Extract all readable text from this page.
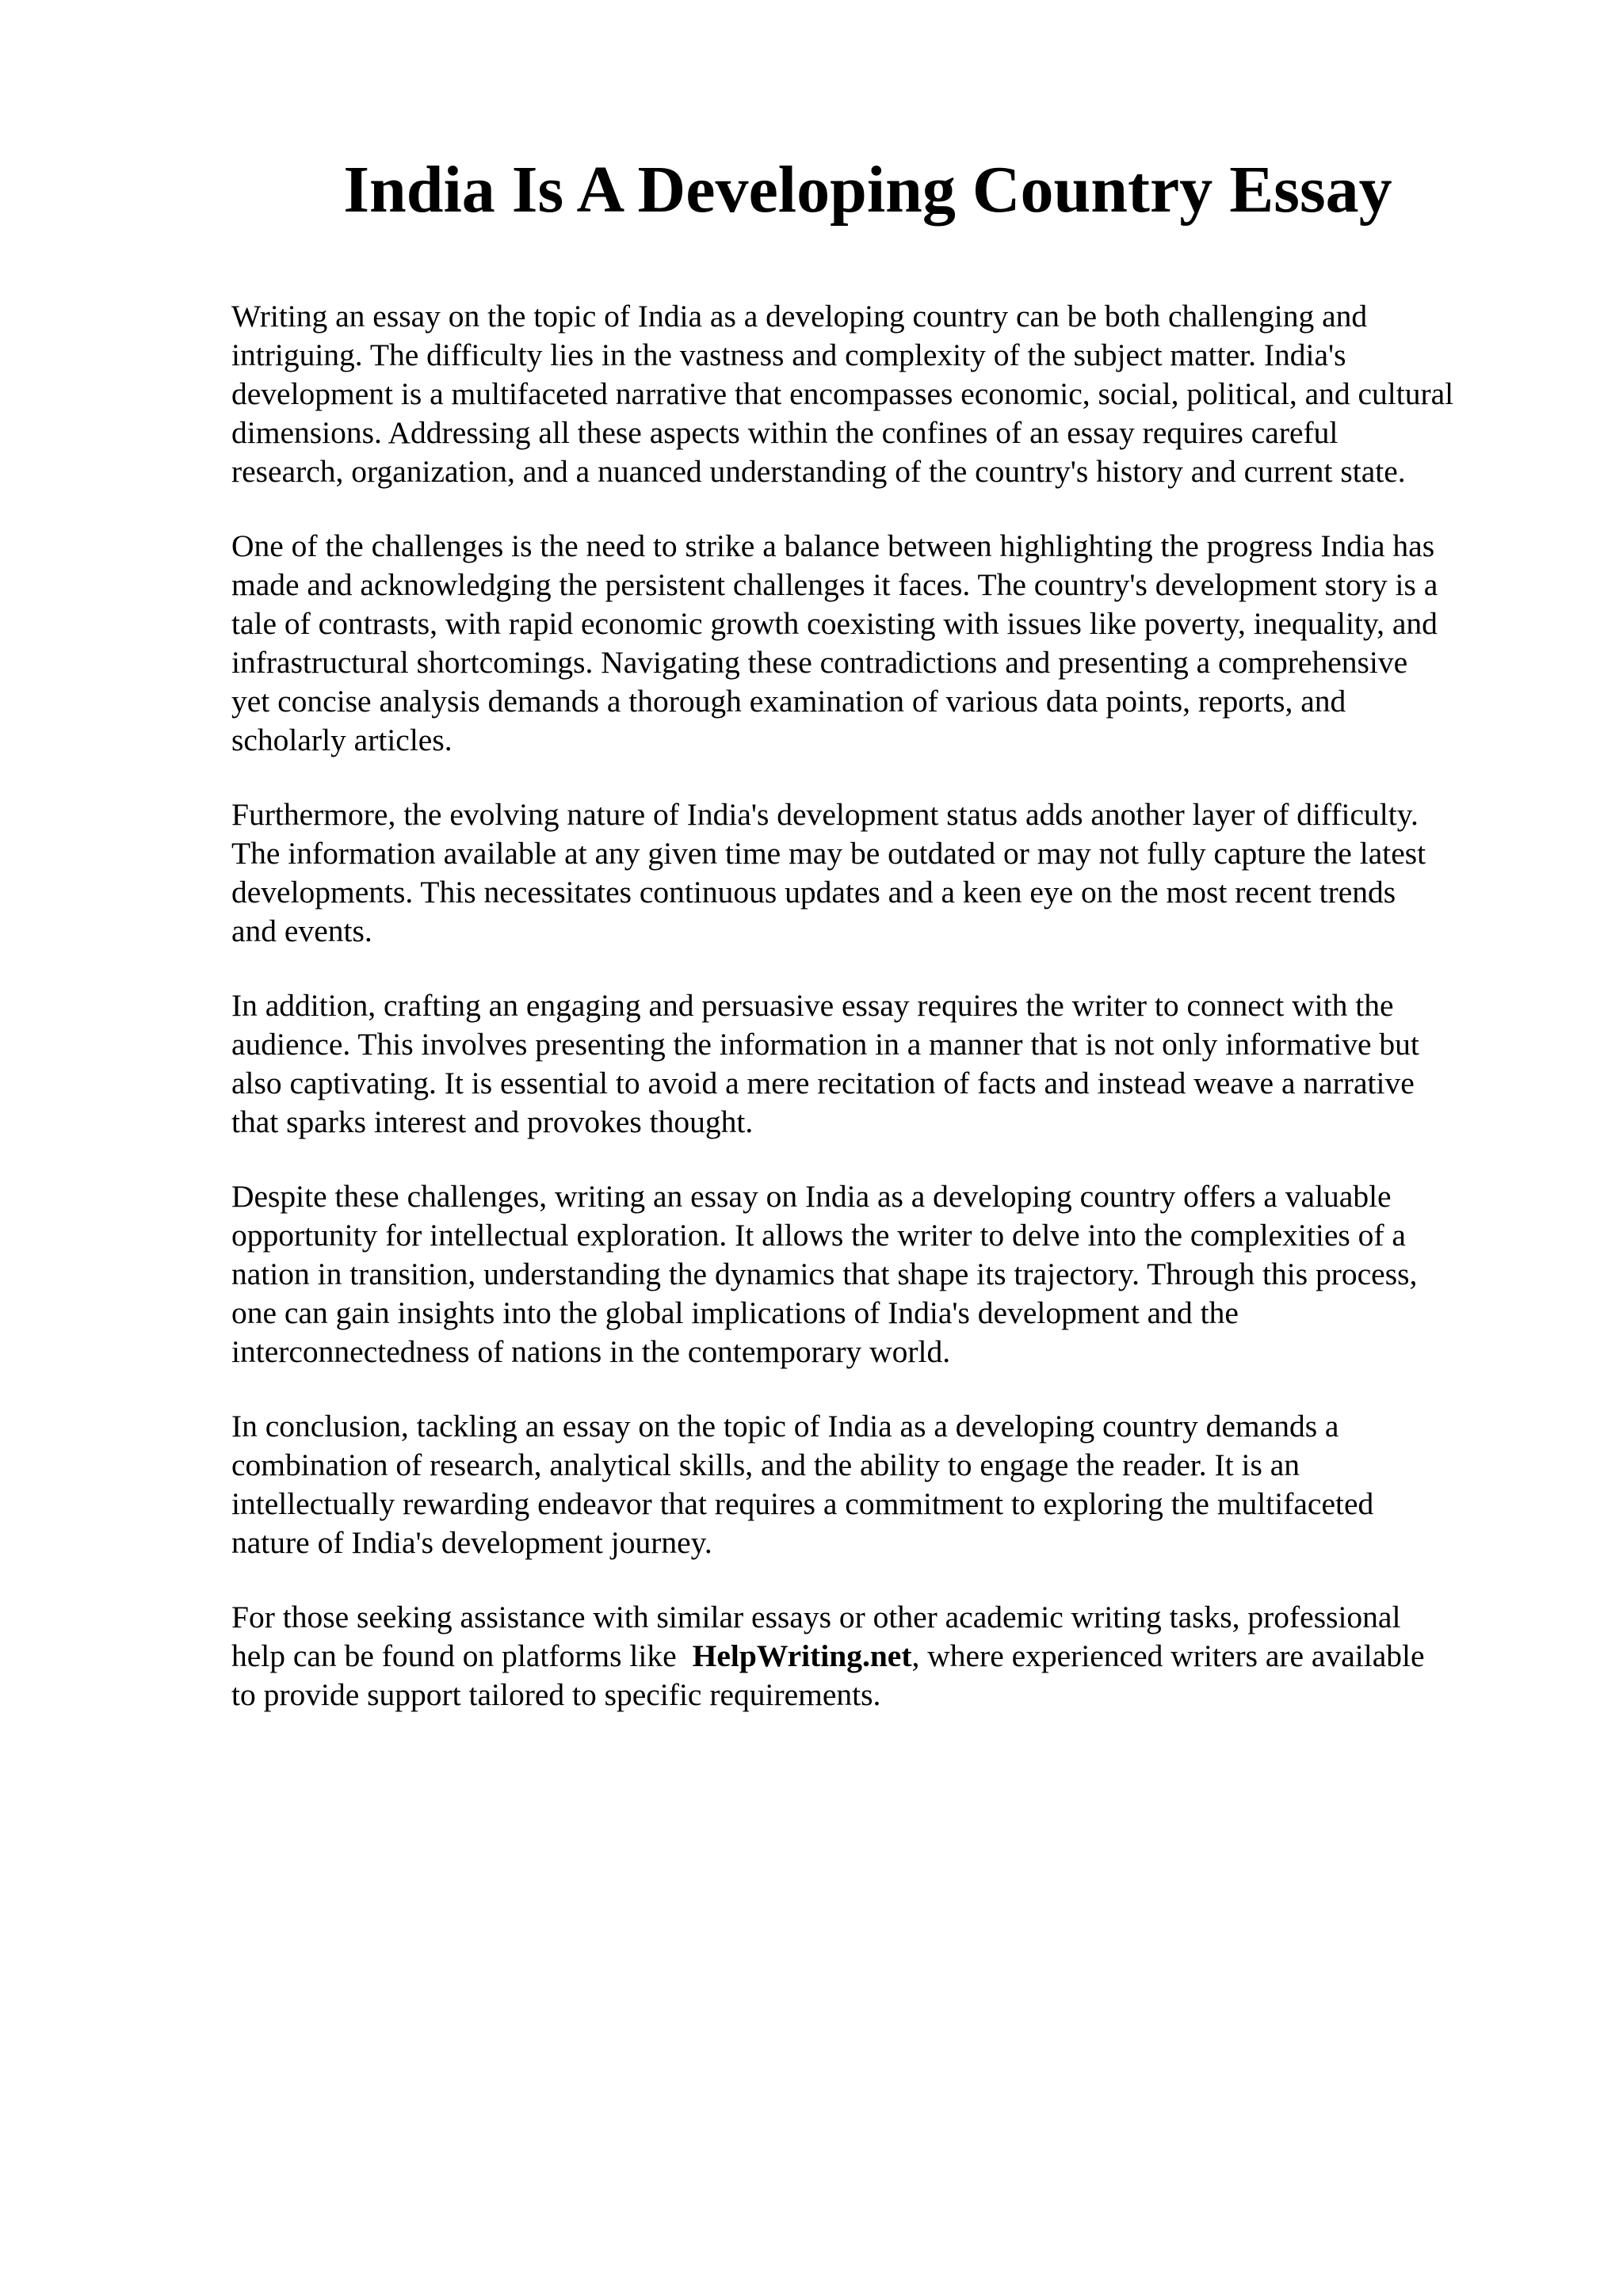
India Is A Developing Country Essay

Writing an essay on the topic of India as a developing country can be both challenging and
intriguing. The difficulty lies in the vastness and complexity of the subject matter. India's
development is a multifaceted narrative that encompasses economic, social, political, and cultural
dimensions. Addressing all these aspects within the confines of an essay requires careful
research, organization, and a nuanced understanding of the country's history and current state.

One of the challenges is the need to strike a balance between highlighting the progress India has
made and acknowledging the persistent challenges it faces. The country's development story is a
tale of contrasts, with rapid economic growth coexisting with issues like poverty, inequality, and
infrastructural shortcomings. Navigating these contradictions and presenting a comprehensive
yet concise analysis demands a thorough examination of various data points, reports, and
scholarly articles.

Furthermore, the evolving nature of India's development status adds another layer of difficulty.
The information available at any given time may be outdated or may not fully capture the latest
developments. This necessitates continuous updates and a keen eye on the most recent trends
and events.

In addition, crafting an engaging and persuasive essay requires the writer to connect with the
audience. This involves presenting the information in a manner that is not only informative but
also captivating. It is essential to avoid a mere recitation of facts and instead weave a narrative
that sparks interest and provokes thought.

Despite these challenges, writing an essay on India as a developing country offers a valuable
opportunity for intellectual exploration. It allows the writer to delve into the complexities of a
nation in transition, understanding the dynamics that shape its trajectory. Through this process,
one can gain insights into the global implications of India's development and the
interconnectedness of nations in the contemporary world.

In conclusion, tackling an essay on the topic of India as a developing country demands a
combination of research, analytical skills, and the ability to engage the reader. It is an
intellectually rewarding endeavor that requires a commitment to exploring the multifaceted
nature of India's development journey.

For those seeking assistance with similar essays or other academic writing tasks, professional
help can be found on platforms like HelpWriting.net, where experienced writers are available
to provide support tailored to specific requirements.
